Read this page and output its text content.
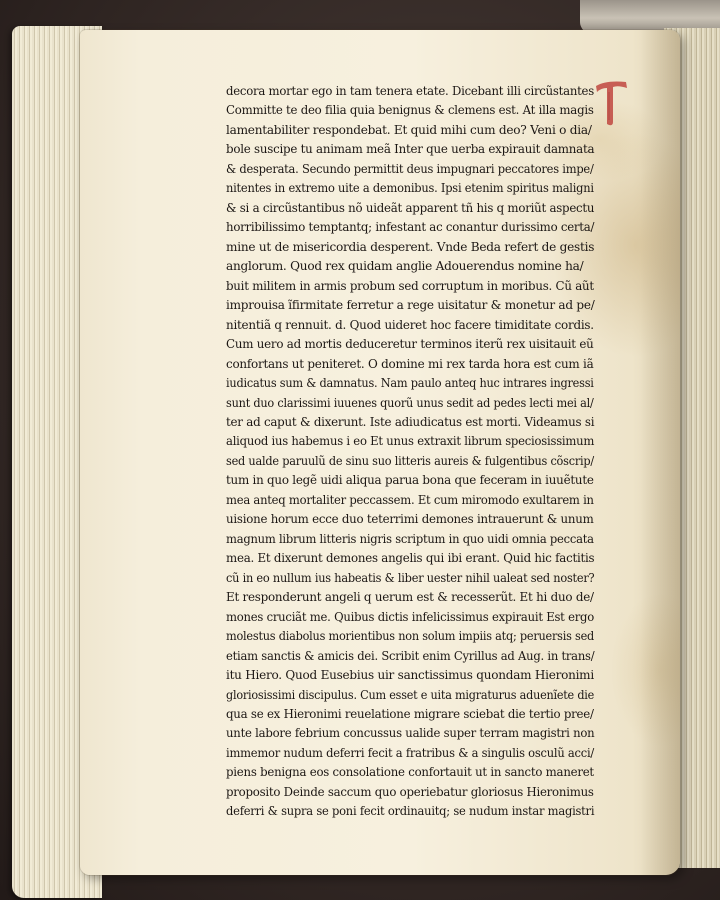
decora mortar ego in tam tenera etate. Dicebant illi circũstantes
Committe te deo filia quia benignus & clemens est. At illa magis
lamentabiliter respondebat. Et quid mihi cum deo? Veni o dia/
bole suscipe tu animam meã Inter que uerba expirauit damnata
& desperata. Secundo permittit deus impugnari peccatores impe/
nitentes in extremo uite a demonibus. Ipsi etenim spiritus maligni
& si a circũstantibus nõ uideãt apparent tñ his q moriũt aspectu
horribilissimo temptantq; infestant ac conantur durissimo certa/
mine ut de misericordia desperent. Vnde Beda refert de gestis
anglorum. Quod rex quidam anglie Adouerendus nomine ha/
buit militem in armis probum sed corruptum in moribus. Cũ aũt
improuisa ĩfirmitate ferretur a rege uisitatur & monetur ad pe/
nitentiã q rennuit. d. Quod uideret hoc facere timiditate cordis.
Cum uero ad mortis deduceretur terminos iterũ rex uisitauit eũ
confortans ut peniteret. O domine mi rex tarda hora est cum iã
iudicatus sum & damnatus. Nam paulo anteq huc intrares ingressi
sunt duo clarissimi iuuenes quorũ unus sedit ad pedes lecti mei al/
ter ad caput & dixerunt. Iste adiudicatus est morti. Videamus si
aliquod ius habemus i eo Et unus extraxit librum speciosissimum
sed ualde paruulũ de sinu suo litteris aureis & fulgentibus cõscrip/
tum in quo legẽ uidi aliqua parua bona que feceram in iuuẽtute
mea anteq mortaliter peccassem. Et cum miromodo exultarem in
uisione horum ecce duo teterrimi demones intrauerunt & unum
magnum librum litteris nigris scriptum in quo uidi omnia peccata
mea. Et dixerunt demones angelis qui ibi erant. Quid hic factitis
cũ in eo nullum ius habeatis & liber uester nihil ualeat sed noster?
Et responderunt angeli q uerum est & recesserũt. Et hi duo de/
mones cruciãt me. Quibus dictis infelicissimus expirauit Est ergo
molestus diabolus morientibus non solum impiis atq; peruersis sed
etiam sanctis & amicis dei. Scribit enim Cyrillus ad Aug. in trans/
itu Hiero. Quod Eusebius uir sanctissimus quondam Hieronimi
gloriosissimi discipulus. Cum esset e uita migraturus aduenĩete die
qua se ex Hieronimi reuelatione migrare sciebat die tertio pree/
unte labore febrium concussus ualide super terram magistri non
immemor nudum deferri fecit a fratribus & a singulis osculũ acci/
piens benigna eos consolatione confortauit ut in sancto maneret
proposito Deinde saccum quo operiebatur gloriosus Hieronimus
deferri & supra se poni fecit ordinauitq; se nudum instar magistri
